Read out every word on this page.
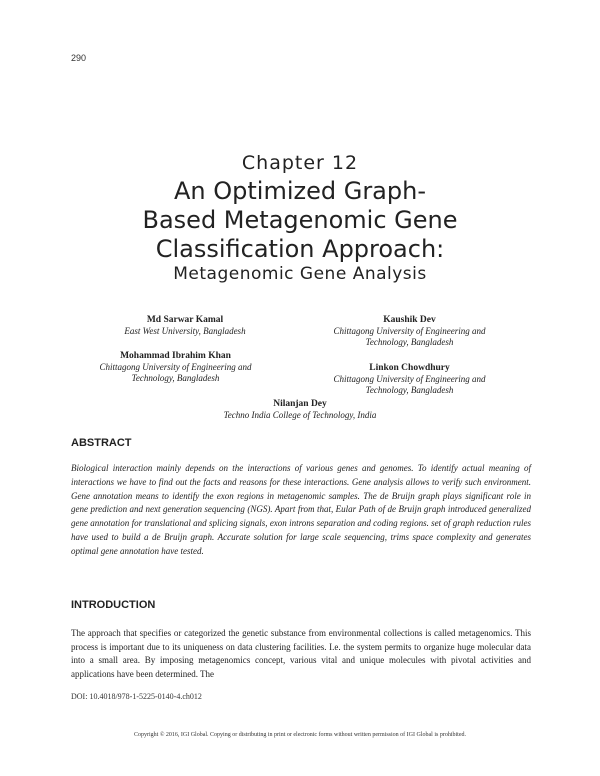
290
Chapter 12
An Optimized Graph-
Based Metagenomic Gene
Classification Approach:
Metagenomic Gene Analysis
Md Sarwar Kamal
East West University, Bangladesh
Kaushik Dev
Chittagong University of Engineering and Technology, Bangladesh
Mohammad Ibrahim Khan
Chittagong University of Engineering and Technology, Bangladesh
Linkon Chowdhury
Chittagong University of Engineering and Technology, Bangladesh
Nilanjan Dey
Techno India College of Technology, India
ABSTRACT

Biological interaction mainly depends on the interactions of various genes and genomes. To identify actual meaning of interactions we have to find out the facts and reasons for these interactions. Gene analysis allows to verify such environment. Gene annotation means to identify the exon regions in metagenomic samples. The de Bruijn graph plays significant role in gene prediction and next generation sequencing (NGS). Apart from that, Eular Path of de Bruijn graph introduced generalized gene annotation for translational and splicing signals, exon introns separation and coding regions. set of graph reduction rules have used to build a de Bruijn graph. Accurate solution for large scale sequencing, trims space complexity and generates optimal gene annotation have tested.

INTRODUCTION

The approach that specifies or categorized the genetic substance from environmental collections is called metagenomics. This process is important due to its uniqueness on data clustering facilities. I.e. the system permits to organize huge molecular data into a small area. By imposing metagenomics concept, various vital and unique molecules with pivotal activities and applications have been determined. The

DOI: 10.4018/978-1-5225-0140-4.ch012
Copyright © 2016, IGI Global. Copying or distributing in print or electronic forms without written permission of IGI Global is prohibited.
